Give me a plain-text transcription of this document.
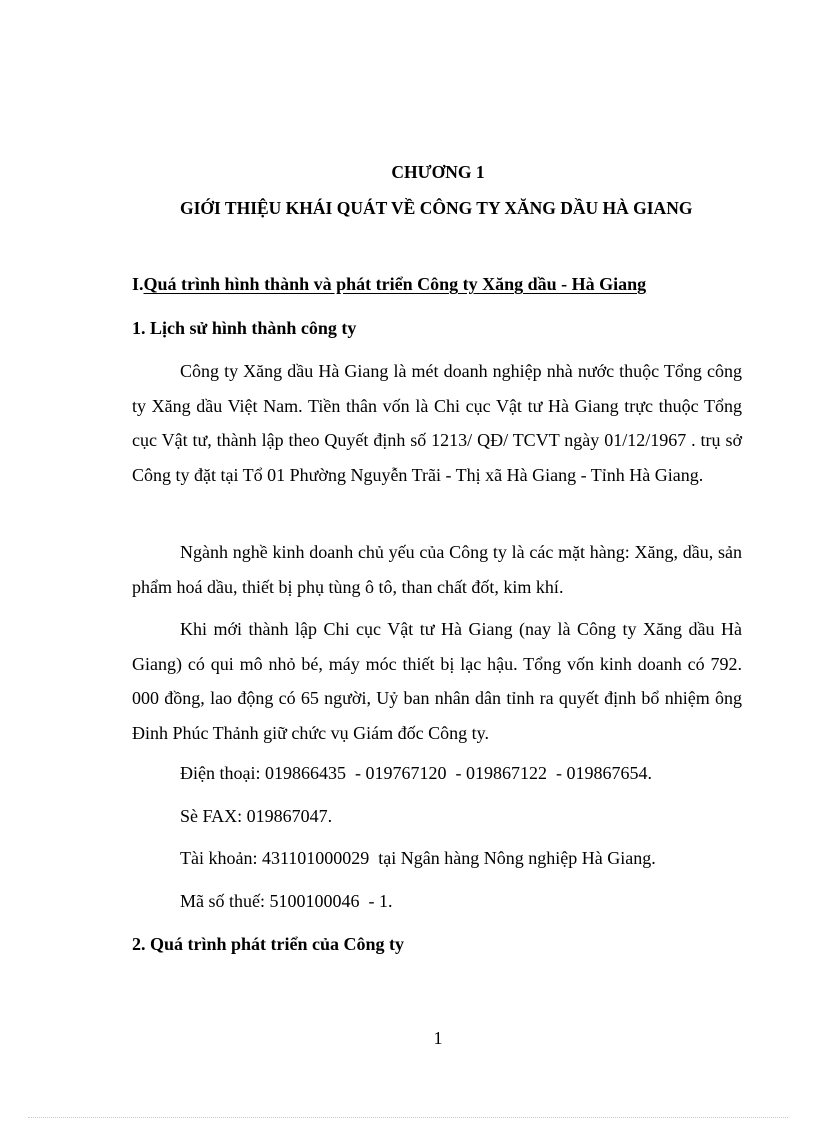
CHƯƠNG 1
GIỚI THIỆU KHÁI QUÁT VỀ CÔNG TY XĂNG DẦU HÀ GIANG
I.Quá trình hình thành và phát triển Công ty Xăng dầu - Hà Giang
1. Lịch sử hình thành công ty
Công ty Xăng dầu Hà Giang là mét doanh nghiệp nhà nước thuộc Tổng công ty Xăng dầu Việt Nam. Tiền thân vốn là Chi cục Vật tư Hà Giang trực thuộc Tổng cục Vật tư, thành lập theo Quyết định số 1213/ QĐ/ TCVT ngày 01/12/1967 . trụ sở Công ty đặt tại Tổ 01 Phường Nguyễn Trãi - Thị xã Hà Giang - Tỉnh Hà Giang.
Ngành nghề kinh doanh chủ yếu của Công ty là các mặt hàng: Xăng, dầu, sản phẩm hoá dầu, thiết bị phụ tùng ô tô, than chất đốt, kim khí.
Khi mới thành lập Chi cục Vật tư Hà Giang (nay là Công ty Xăng dầu Hà Giang) có qui mô nhỏ bé, máy móc thiết bị lạc hậu. Tổng vốn kinh doanh có 792. 000 đồng, lao động có 65 người, Uỷ ban nhân dân tỉnh ra quyết định bổ nhiệm ông Đinh Phúc Thảnh giữ chức vụ Giám đốc Công ty.
Điện thoại: 019866435  - 019767120  - 019867122  - 019867654.
Sè FAX: 019867047.
Tài khoản: 431101000029  tại Ngân hàng Nông nghiệp Hà Giang.
Mã số thuế: 5100100046  - 1.
2. Quá trình phát triển của Công ty
1
